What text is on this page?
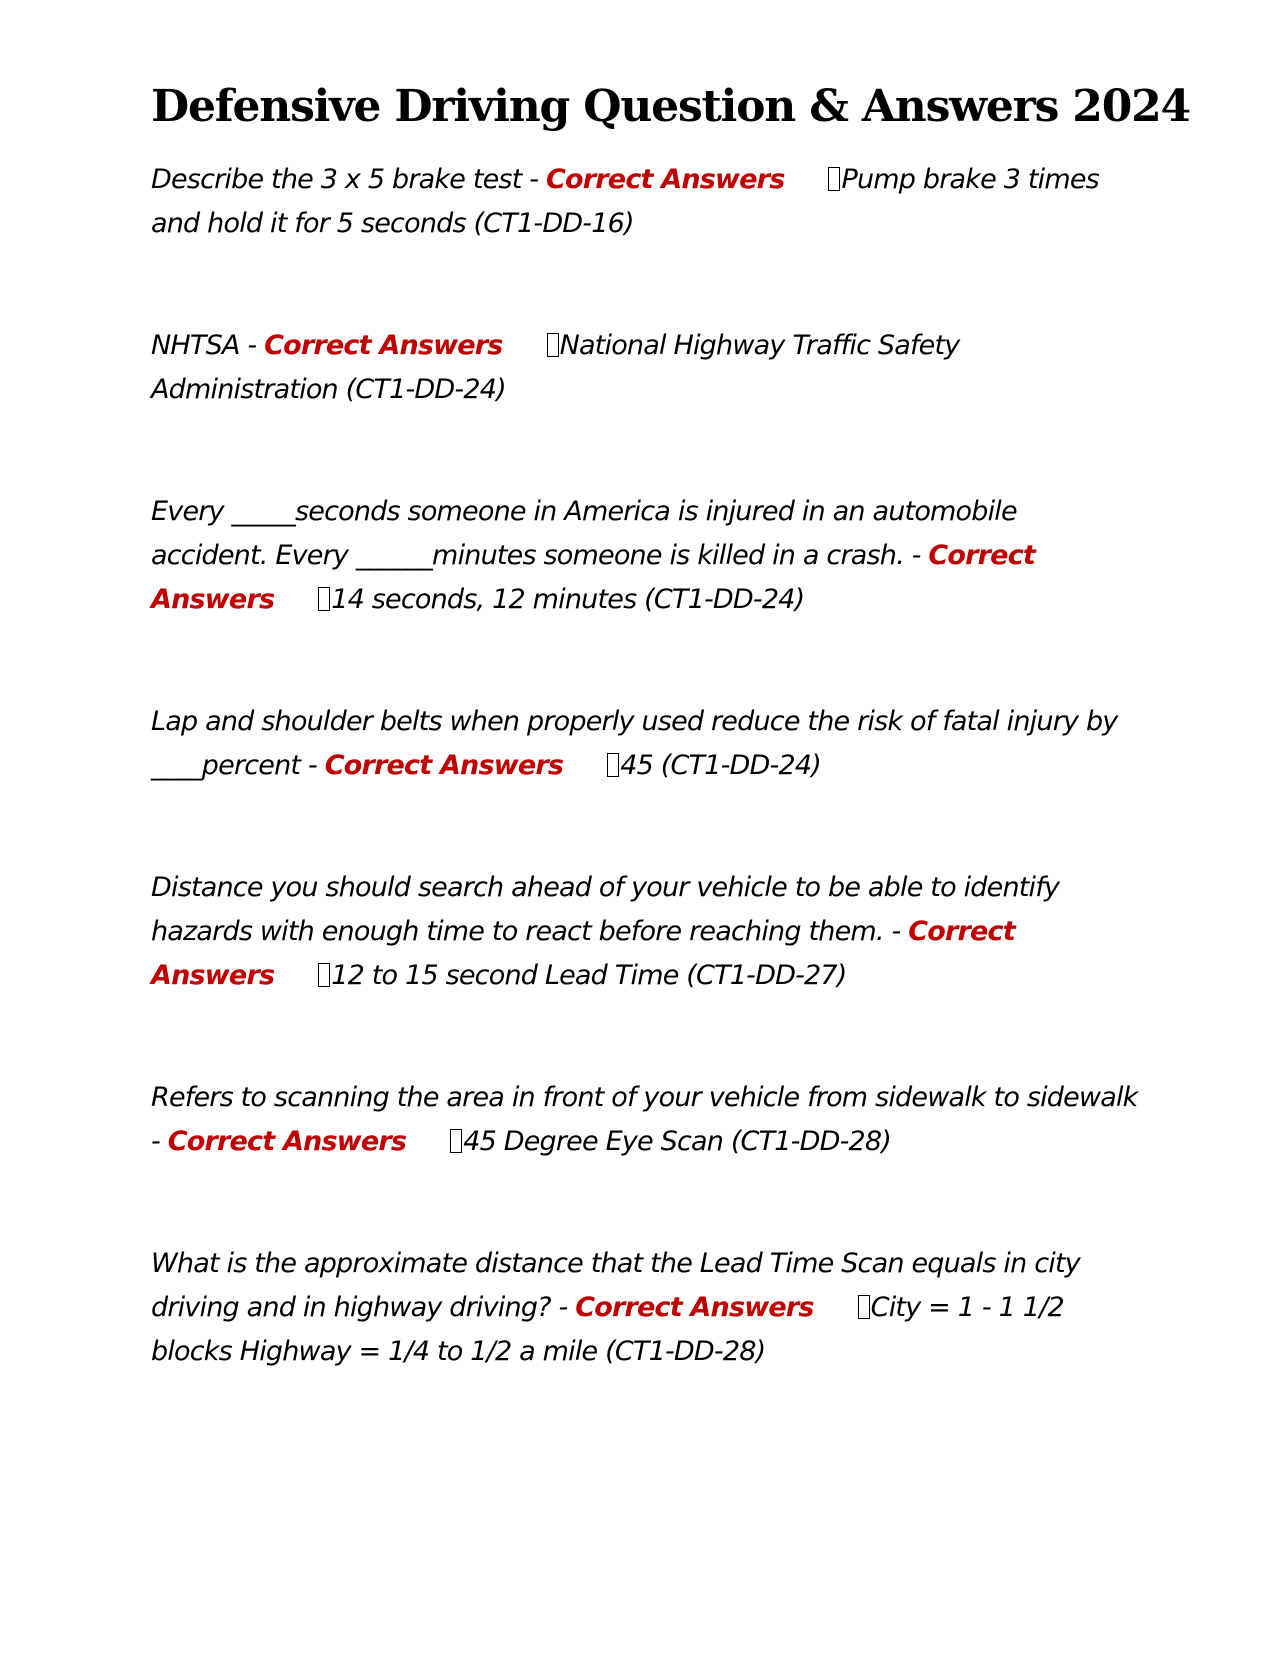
Defensive Driving Question & Answers 2024

Describe the 3 x 5 brake test - Correct Answers Pump brake 3 times and hold it for 5 seconds (CT1-DD-16)

NHTSA - Correct Answers National Highway Traffic Safety Administration (CT1-DD-24)

Every _____seconds someone in America is injured in an automobile accident. Every ______minutes someone is killed in a crash. - Correct Answers 14 seconds, 12 minutes (CT1-DD-24)

Lap and shoulder belts when properly used reduce the risk of fatal injury by ____percent - Correct Answers 45 (CT1-DD-24)

Distance you should search ahead of your vehicle to be able to identify hazards with enough time to react before reaching them. - Correct Answers 12 to 15 second Lead Time (CT1-DD-27)

Refers to scanning the area in front of your vehicle from sidewalk to sidewalk - Correct Answers 45 Degree Eye Scan (CT1-DD-28)

What is the approximate distance that the Lead Time Scan equals in city driving and in highway driving? - Correct Answers City = 1 - 1 1/2 blocks Highway = 1/4 to 1/2 a mile (CT1-DD-28)
